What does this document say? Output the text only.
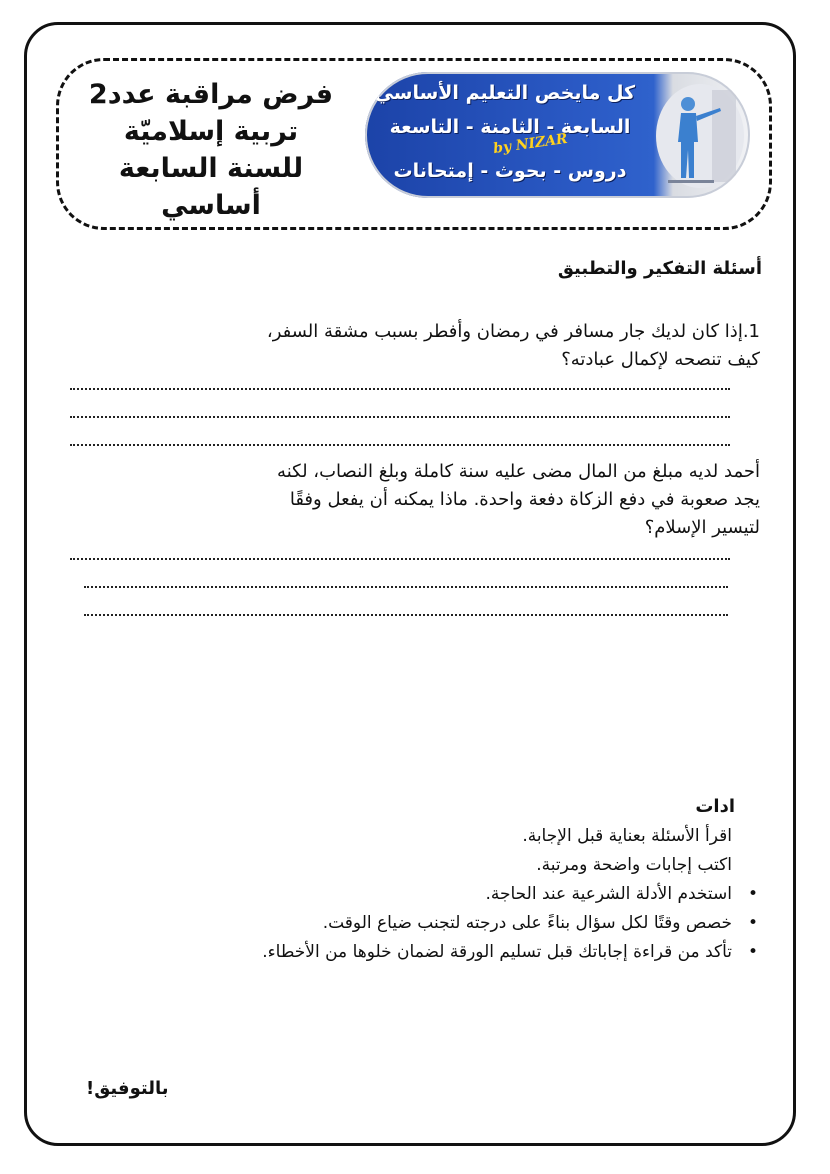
فرض مراقبة عدد2
تربية إسلاميّة
للسنة السابعة أساسي
كل مايخص التعليم الأساسي
السابعة - الثامنة - التاسعة
by NIZAR
دروس - بحوث - إمتحانات
أسئلة التفكير والتطبيق
1.إذا كان لديك جار مسافر في رمضان وأفطر بسبب مشقة السفر،
كيف تنصحه لإكمال عبادته؟
أحمد لديه مبلغ من المال مضى عليه سنة كاملة وبلغ النصاب، لكنه
يجد صعوبة في دفع الزكاة دفعة واحدة. ماذا يمكنه أن يفعل وفقًا
لتيسير الإسلام؟
ادات
اقرأ الأسئلة بعناية قبل الإجابة.
اكتب إجابات واضحة ومرتبة.
• استخدم الأدلة الشرعية عند الحاجة.
• خصص وقتًا لكل سؤال بناءً على درجته لتجنب ضياع الوقت.
• تأكد من قراءة إجاباتك قبل تسليم الورقة لضمان خلوها من الأخطاء.
بالتوفيق!
